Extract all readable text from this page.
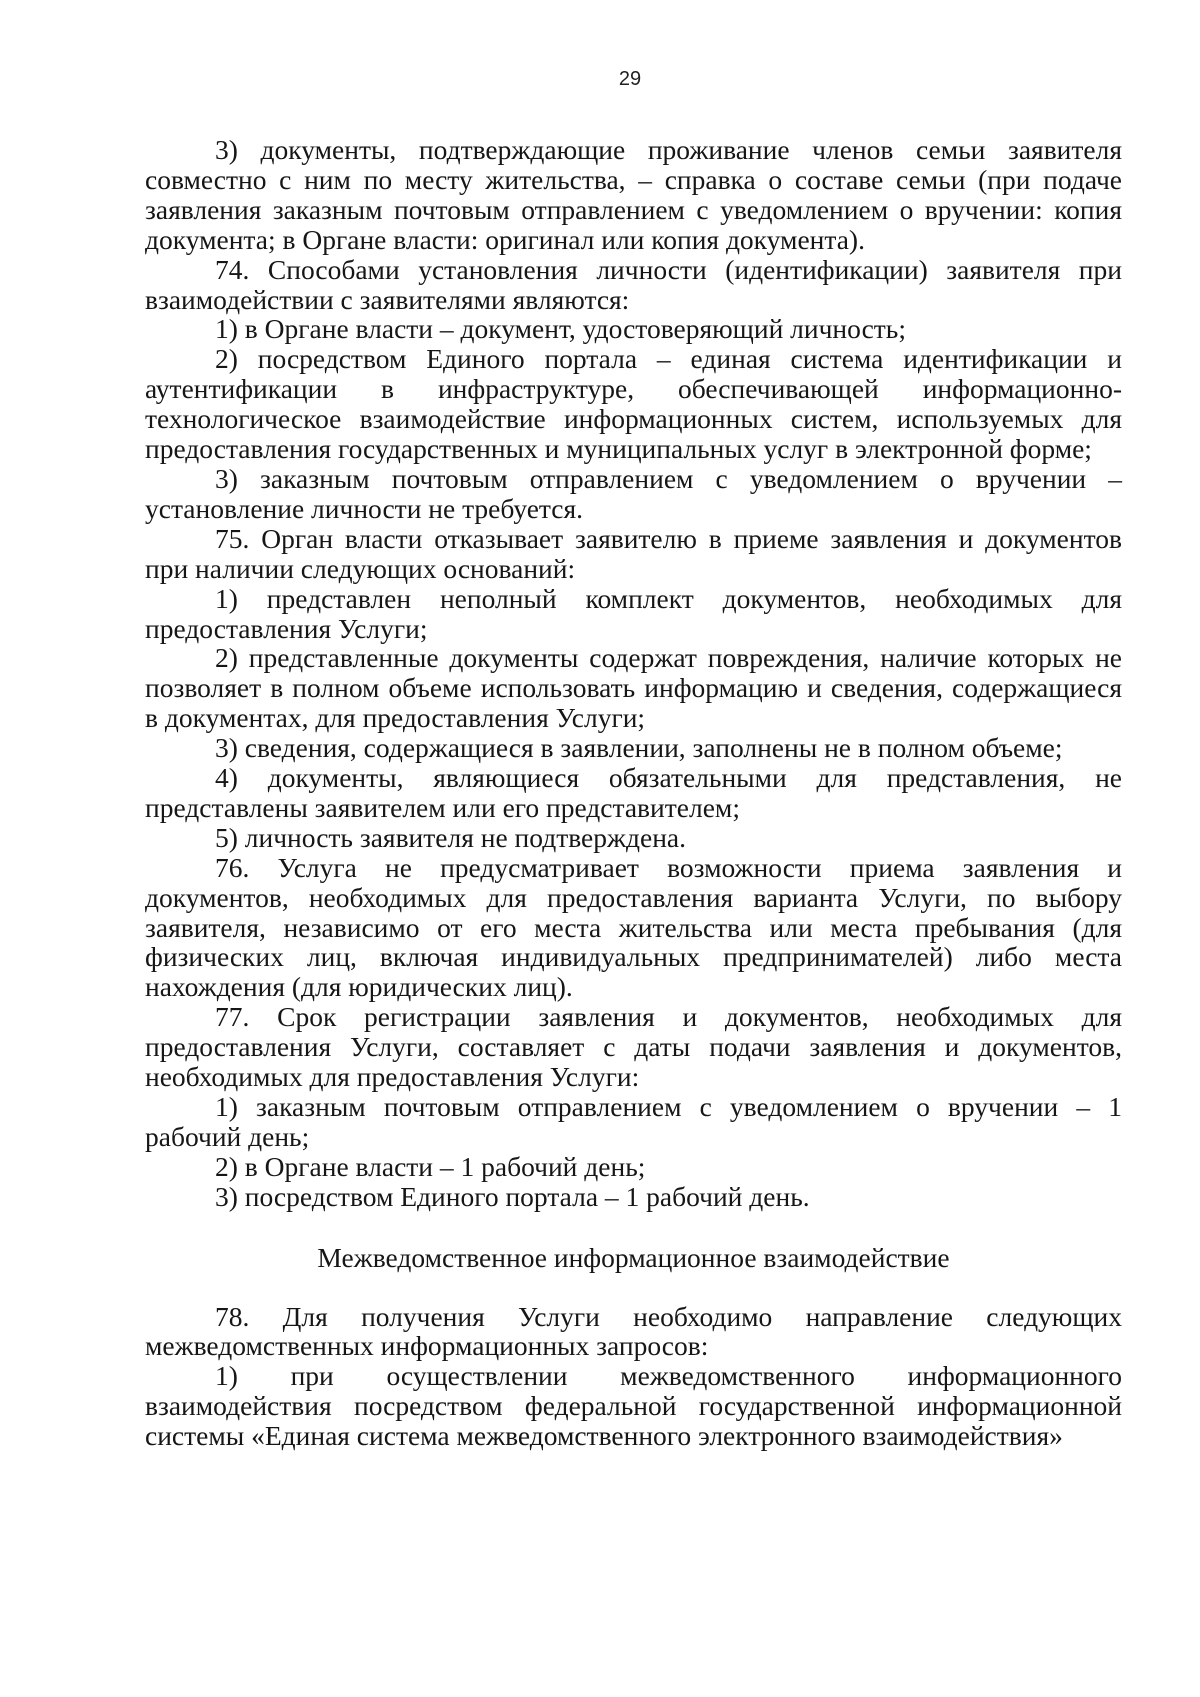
29

3) документы, подтверждающие проживание членов семьи заявителя совместно с ним по месту жительства, – справка о составе семьи (при подаче заявления заказным почтовым отправлением с уведомлением о вручении: копия документа; в Органе власти: оригинал или копия документа).

74. Способами установления личности (идентификации) заявителя при взаимодействии с заявителями являются:

1) в Органе власти – документ, удостоверяющий личность;

2) посредством Единого портала – единая система идентификации и аутентификации в инфраструктуре, обеспечивающей информационно-технологическое взаимодействие информационных систем, используемых для предоставления государственных и муниципальных услуг в электронной форме;

3) заказным почтовым отправлением с уведомлением о вручении – установление личности не требуется.

75. Орган власти отказывает заявителю в приеме заявления и документов при наличии следующих оснований:

1) представлен неполный комплект документов, необходимых для предоставления Услуги;

2) представленные документы содержат повреждения, наличие которых не позволяет в полном объеме использовать информацию и сведения, содержащиеся в документах, для предоставления Услуги;

3) сведения, содержащиеся в заявлении, заполнены не в полном объеме;

4) документы, являющиеся обязательными для представления, не представлены заявителем или его представителем;

5) личность заявителя не подтверждена.

76. Услуга не предусматривает возможности приема заявления и документов, необходимых для предоставления варианта Услуги, по выбору заявителя, независимо от его места жительства или места пребывания (для физических лиц, включая индивидуальных предпринимателей) либо места нахождения (для юридических лиц).

77. Срок регистрации заявления и документов, необходимых для предоставления Услуги, составляет с даты подачи заявления и документов, необходимых для предоставления Услуги:

1) заказным почтовым отправлением с уведомлением о вручении – 1 рабочий день;

2) в Органе власти – 1 рабочий день;

3) посредством Единого портала – 1 рабочий день.

Межведомственное информационное взаимодействие

78. Для получения Услуги необходимо направление следующих межведомственных информационных запросов:

1) при осуществлении межведомственного информационного взаимодействия посредством федеральной государственной информационной системы «Единая система межведомственного электронного взаимодействия»
